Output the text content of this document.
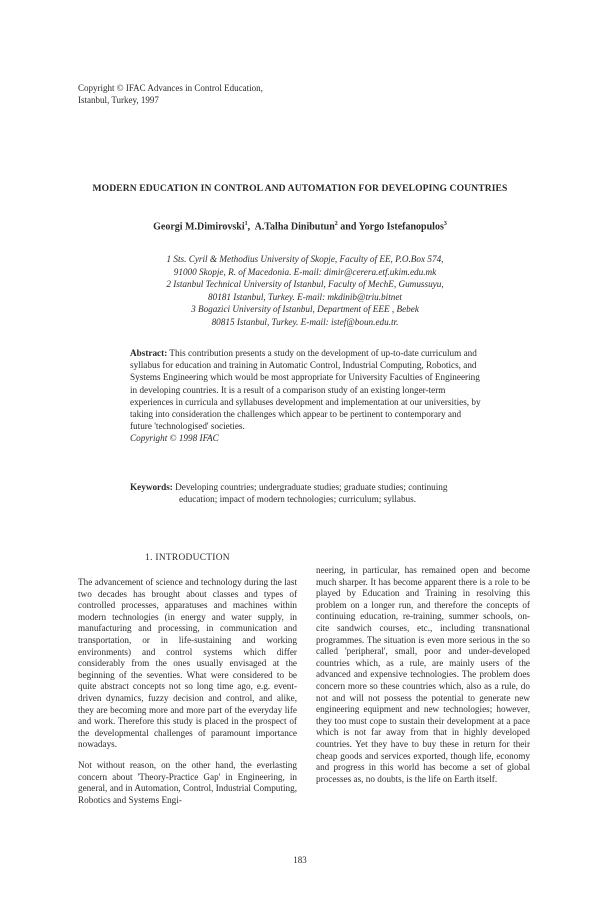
Copyright © IFAC Advances in Control Education,
Istanbul, Turkey, 1997
MODERN EDUCATION IN CONTROL AND AUTOMATION FOR DEVELOPING COUNTRIES
Georgi M.Dimirovski$^1$,  A.Talha Dinibutun$^2$ and Yorgo Istefanopulos$^3$
1 Sts. Cyril & Methodius University of Skopje, Faculty of EE, P.O.Box 574,
91000 Skopje, R. of Macedonia. E-mail: dimir@cerera.etf.ukim.edu.mk
2 Istanbul Technical University of Istanbul, Faculty of MechE, Gumussuyu,
80181 Istanbul, Turkey. E-mail: mkdinib@triu.bitnet
3 Bogazici University of Istanbul, Department of EEE , Bebek
80815 Istanbul, Turkey. E-mail: istef@boun.edu.tr.
Abstract: This contribution presents a study on the development of up-to-date curriculum and syllabus for education and training in Automatic Control, Industrial Computing, Robotics, and Systems Engineering which would be most appropriate for University Faculties of Engineering in developing countries. It is a result of a comparison study of an existing longer-term experiences in curricula and syllabuses development and implementation at our universities, by taking into consideration the challenges which appear to be pertinent to contemporary and future 'technologised' societies.
Copyright © 1998 IFAC
Keywords: Developing countries; undergraduate studies; graduate studies; continuing
education; impact of modern technologies; curriculum; syllabus.
1. INTRODUCTION

The advancement of science and technology during the last two decades has brought about classes and types of controlled processes, apparatuses and machines within modern technologies (in energy and water supply, in manufacturing and processing, in communication and transportation, or in life-sustaining and working environments) and control systems which differ considerably from the ones usually envisaged at the beginning of the seventies. What were considered to be quite abstract concepts not so long time ago, e.g. event-driven dynamics, fuzzy decision and control, and alike, they are becoming more and more part of the everyday life and work. Therefore this study is placed in the prospect of the developmental challenges of paramount importance nowadays.

Not without reason, on the other hand, the everlasting concern about 'Theory-Practice Gap' in Engineering, in general, and in Automation, Control, Industrial Computing, Robotics and Systems Engi-

neering, in particular, has remained open and become much sharper. It has become apparent there is a role to be played by Education and Training in resolving this problem on a longer run, and therefore the concepts of continuing education, re-training, summer schools, on-cite sandwich courses, etc., including transnational programmes. The situation is even more serious in the so called 'peripheral', small, poor and under-developed countries which, as a rule, are mainly users of the advanced and expensive technologies. The problem does concern more so these countries which, also as a rule, do not and will not possess the potential to generate new engineering equipment and new technologies; however, they too must cope to sustain their development at a pace which is not far away from that in highly developed countries. Yet they have to buy these in return for their cheap goods and services exported, though life, economy and progress in this world has become a set of global processes as, no doubts, is the life on Earth itself.

183
